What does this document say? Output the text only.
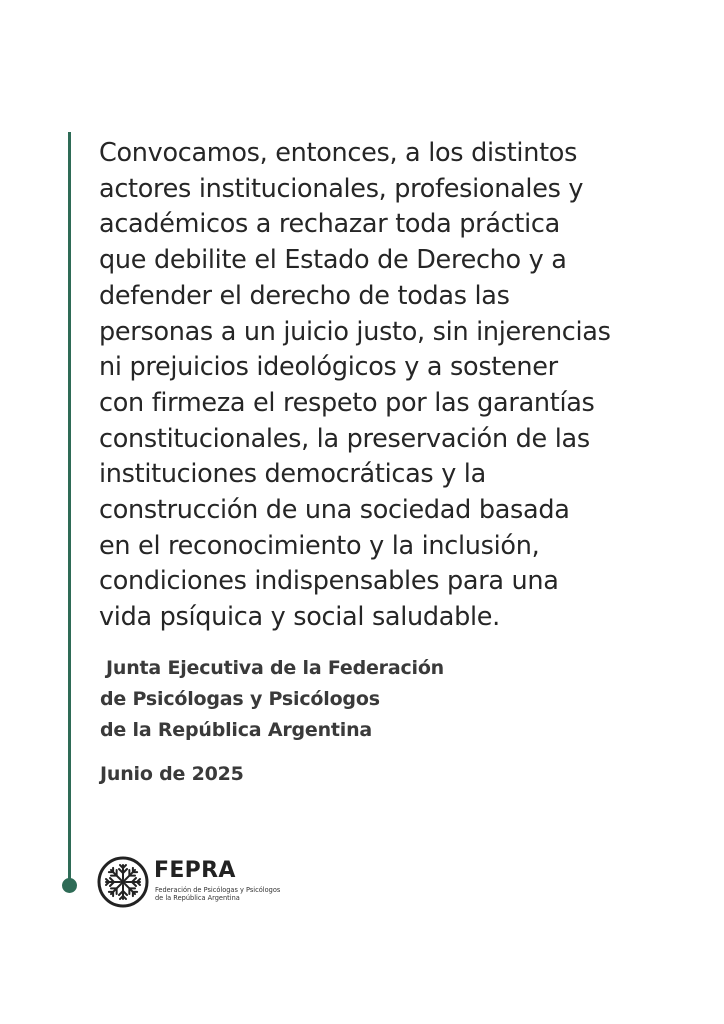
Convocamos, entonces, a los distintos
actores institucionales, profesionales y
académicos a rechazar toda práctica
que debilite el Estado de Derecho y a
defender el derecho de todas las
personas a un juicio justo, sin injerencias
ni prejuicios ideológicos y a sostener
con firmeza el respeto por las garantías
constitucionales, la preservación de las
instituciones democráticas y la
construcción de una sociedad basada
en el reconocimiento y la inclusión,
condiciones indispensables para una
vida psíquica y social saludable.

Junta Ejecutiva de la Federación
de Psicólogas y Psicólogos
de la República Argentina

Junio de 2025

FEPRA

Federación de Psicólogas y Psicólogos
de la República Argentina
